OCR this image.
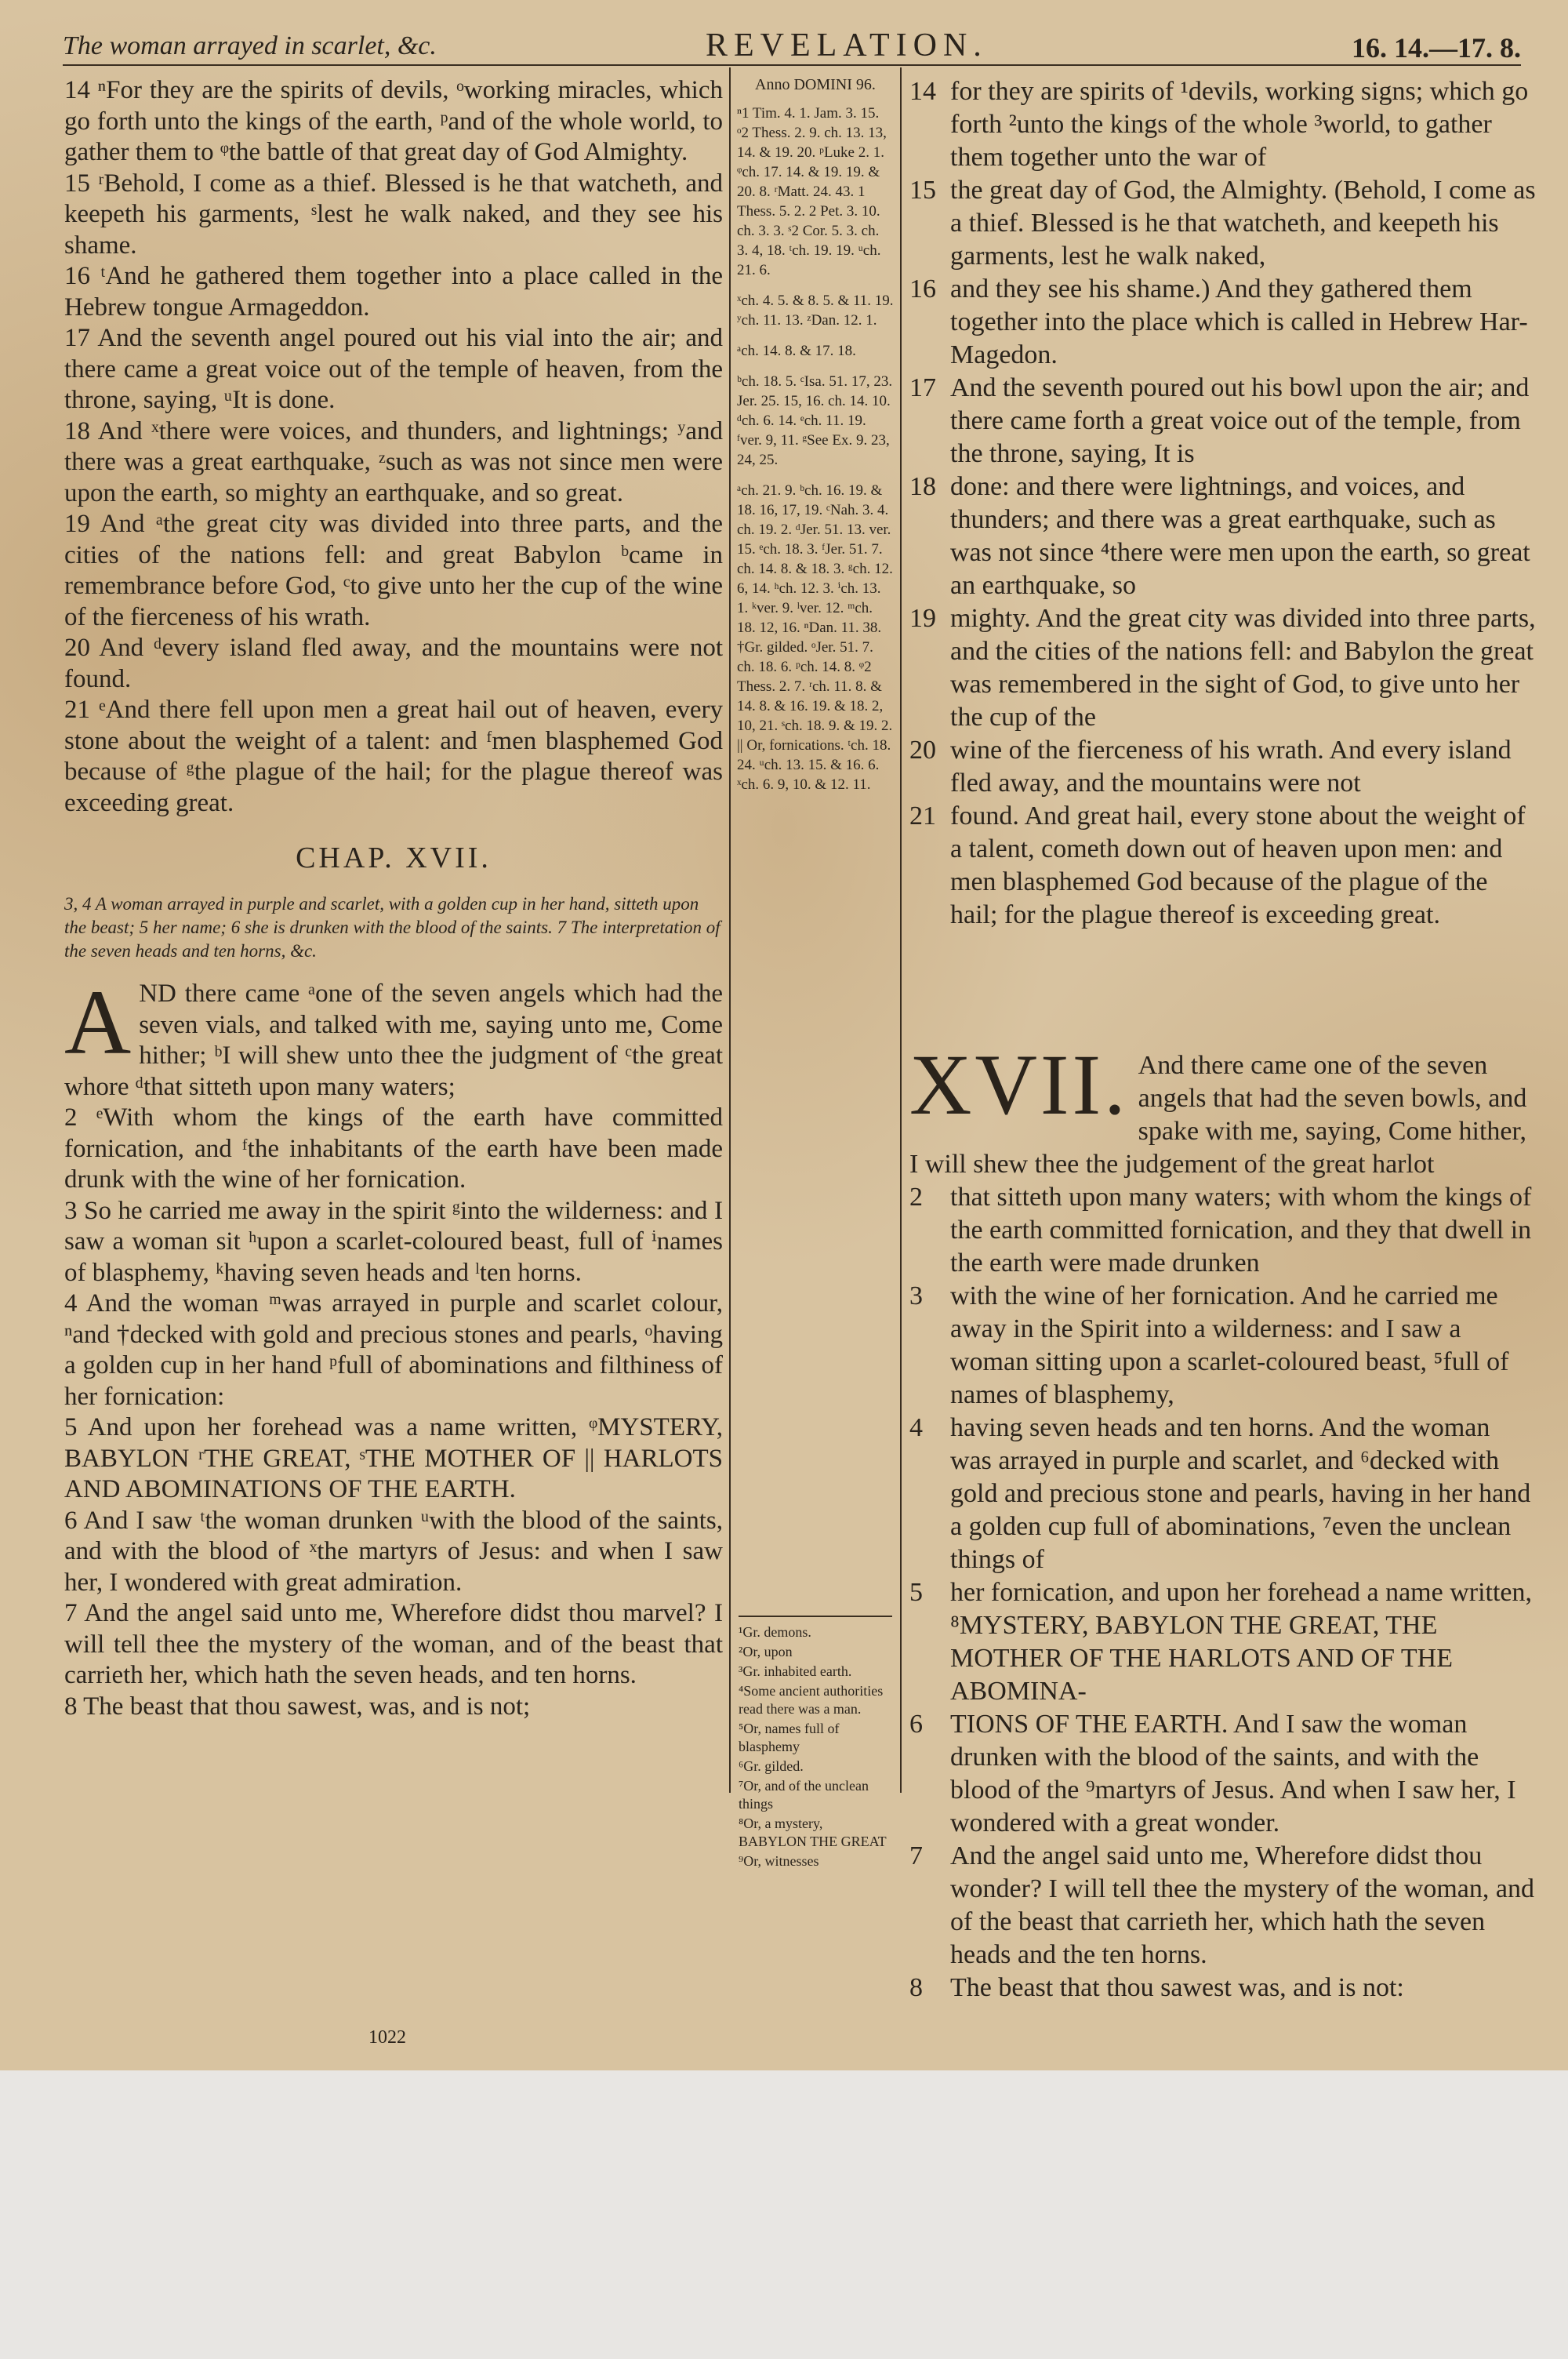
The woman arrayed in scarlet, &c.	REVELATION.	16. 14.—17. 8.

14 ⁿFor they are the spirits of devils, ᵒworking miracles, which go forth unto the kings of the earth, ᵖand of the whole world, to gather them to ᵠthe battle of that great day of God Almighty.

15 ʳBehold, I come as a thief. Blessed is he that watcheth, and keepeth his garments, ˢlest he walk naked, and they see his shame.

16 ᵗAnd he gathered them together into a place called in the Hebrew tongue Armageddon.

17 And the seventh angel poured out his vial into the air; and there came a great voice out of the temple of heaven, from the throne, saying, ᵘIt is done.

18 And ˣthere were voices, and thunders, and lightnings; ʸand there was a great earthquake, ᶻsuch as was not since men were upon the earth, so mighty an earthquake, and so great.

19 And ᵃthe great city was divided into three parts, and the cities of the nations fell: and great Babylon ᵇcame in remembrance before God, ᶜto give unto her the cup of the wine of the fierceness of his wrath.

20 And ᵈevery island fled away, and the mountains were not found.

21 ᵉAnd there fell upon men a great hail out of heaven, every stone about the weight of a talent: and ᶠmen blasphemed God because of ᵍthe plague of the hail; for the plague thereof was exceeding great.

CHAP. XVII.

3, 4 A woman arrayed in purple and scarlet, with a golden cup in her hand, sitteth upon the beast; 5 her name; 6 she is drunken with the blood of the saints. 7 The interpretation of the seven heads and ten horns, &c.

AND there came ᵃone of the seven angels which had the seven vials, and talked with me, saying unto me, Come hither; ᵇI will shew unto thee the judgment of ᶜthe great whore ᵈthat sitteth upon many waters;

2 ᵉWith whom the kings of the earth have committed fornication, and ᶠthe inhabitants of the earth have been made drunk with the wine of her fornication.

3 So he carried me away in the spirit ᵍinto the wilderness: and I saw a woman sit ʰupon a scarlet-coloured beast, full of ⁱnames of blasphemy, ᵏhaving seven heads and ˡten horns.

4 And the woman ᵐwas arrayed in purple and scarlet colour, ⁿand †decked with gold and precious stones and pearls, ᵒhaving a golden cup in her hand ᵖfull of abominations and filthiness of her fornication:

5 And upon her forehead was a name written, ᵠMYSTERY, BABYLON ʳTHE GREAT, ˢTHE MOTHER OF || HARLOTS AND ABOMINATIONS OF THE EARTH.

6 And I saw ᵗthe woman drunken ᵘwith the blood of the saints, and with the blood of ˣthe martyrs of Jesus: and when I saw her, I wondered with great admiration.

7 And the angel said unto me, Wherefore didst thou marvel? I will tell thee the mystery of the woman, and of the beast that carrieth her, which hath the seven heads, and ten horns.

8 The beast that thou sawest, was, and is not;

Anno DOMINI 96.

ⁿ1 Tim. 4. 1. Jam. 3. 15. ᵒ2 Thess. 2. 9. ch. 13. 13, 14. & 19. 20. ᵖLuke 2. 1. ᵠch. 17. 14. & 19. 19. & 20. 8. ʳMatt. 24. 43. 1 Thess. 5. 2. 2 Pet. 3. 10. ch. 3. 3. ˢ2 Cor. 5. 3. ch. 3. 4, 18. ᵗch. 19. 19. ᵘch. 21. 6.

ˣch. 4. 5. & 8. 5. & 11. 19. ʸch. 11. 13. ᶻDan. 12. 1.

ᵃch. 14. 8. & 17. 18.

ᵇch. 18. 5. ᶜIsa. 51. 17, 23. Jer. 25. 15, 16. ch. 14. 10. ᵈch. 6. 14. ᵉch. 11. 19. ᶠver. 9, 11. ᵍSee Ex. 9. 23, 24, 25.

ᵃch. 21. 9. ᵇch. 16. 19. & 18. 16, 17, 19. ᶜNah. 3. 4. ch. 19. 2. ᵈJer. 51. 13. ver. 15. ᵉch. 18. 3. ᶠJer. 51. 7. ch. 14. 8. & 18. 3. ᵍch. 12. 6, 14. ʰch. 12. 3. ⁱch. 13. 1. ᵏver. 9. ˡver. 12. ᵐch. 18. 12, 16. ⁿDan. 11. 38. †Gr. gilded. ᵒJer. 51. 7. ch. 18. 6. ᵖch. 14. 8. ᵠ2 Thess. 2. 7. ʳch. 11. 8. & 14. 8. & 16. 19. & 18. 2, 10, 21. ˢch. 18. 9. & 19. 2. || Or, fornications. ᵗch. 18. 24. ᵘch. 13. 15. & 16. 6. ˣch. 6. 9, 10. & 12. 11.

¹Gr. demons.

²Or, upon

³Gr. inhabited earth.

⁴Some ancient authorities read there was a man.

⁵Or, names full of blasphemy

⁶Gr. gilded.

⁷Or, and of the unclean things

⁸Or, a mystery, BABYLON THE GREAT

⁹Or, witnesses

14 for they are spirits of ¹devils, working signs; which go forth ²unto the kings of the whole ³world, to gather them together unto the war of

15 the great day of God, the Almighty. (Behold, I come as a thief. Blessed is he that watcheth, and keepeth his garments, lest he walk naked,

16 and they see his shame.) And they gathered them together into the place which is called in Hebrew Har-Magedon.

17 And the seventh poured out his bowl upon the air; and there came forth a great voice out of the temple, from the throne, saying, It is

18 done: and there were lightnings, and voices, and thunders; and there was a great earthquake, such as was not since ⁴there were men upon the earth, so great an earthquake, so

19 mighty. And the great city was divided into three parts, and the cities of the nations fell: and Babylon the great was remembered in the sight of God, to give unto her the cup of the

20 wine of the fierceness of his wrath. And every island fled away, and the mountains were not

21 found. And great hail, every stone about the weight of a talent, cometh down out of heaven upon men: and men blasphemed God because of the plague of the hail; for the plague thereof is exceeding great.

XVII. And there came one of the seven angels that had the seven bowls, and spake with me, saying, Come hither, I will shew thee the judgement of the great harlot

2 that sitteth upon many waters; with whom the kings of the earth committed fornication, and they that dwell in the earth were made drunken

3 with the wine of her fornication. And he carried me away in the Spirit into a wilderness: and I saw a woman sitting upon a scarlet-coloured beast, ⁵full of names of blasphemy,

4 having seven heads and ten horns. And the woman was arrayed in purple and scarlet, and ⁶decked with gold and precious stone and pearls, having in her hand a golden cup full of abominations, ⁷even the unclean things of

5 her fornication, and upon her forehead a name written, ⁸MYSTERY, BABYLON THE GREAT, THE MOTHER OF THE HARLOTS AND OF THE ABOMINA-

6 TIONS OF THE EARTH. And I saw the woman drunken with the blood of the saints, and with the blood of the ⁹martyrs of Jesus. And when I saw her, I wondered with a great wonder.

7 And the angel said unto me, Wherefore didst thou wonder? I will tell thee the mystery of the woman, and of the beast that carrieth her, which hath the seven heads and the ten horns.

8 The beast that thou sawest was, and is not:

1022
